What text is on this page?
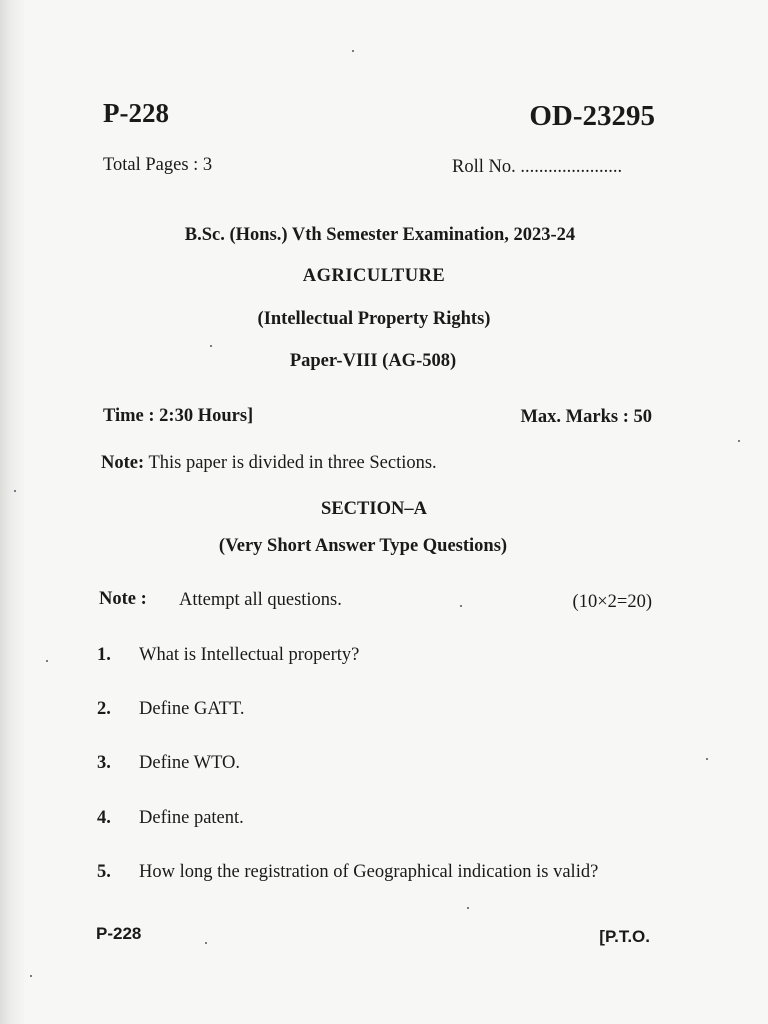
P-228	OD-23295
Total Pages : 3	Roll No. ......................
B.Sc. (Hons.) Vth Semester Examination, 2023-24
AGRICULTURE
(Intellectual Property Rights)
Paper-VIII (AG-508)
Time : 2:30 Hours]	Max. Marks : 50
Note: This paper is divided in three Sections.
SECTION–A
(Very Short Answer Type Questions)
Note : Attempt all questions.	(10×2=20)
1. What is Intellectual property?
2. Define GATT.
3. Define WTO.
4. Define patent.
5. How long the registration of Geographical indication is valid?
P-228	[P.T.O.
